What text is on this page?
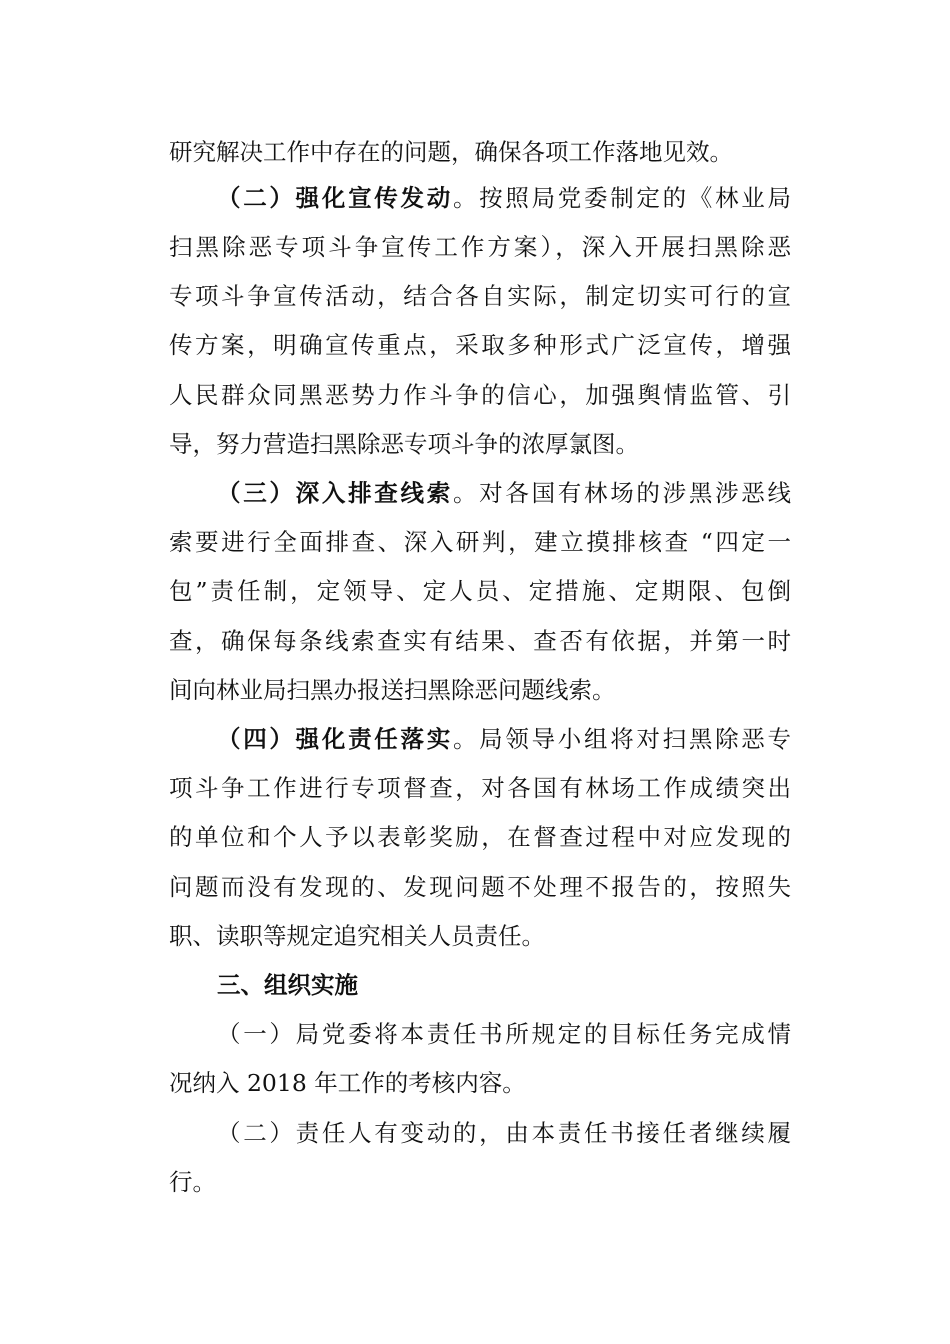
研究解决工作中存在的问题，确保各项工作落地见效。
（二）强化宣传发动。按照局党委制定的《林业局
扫黑除恶专项斗争宣传工作方案），深入开展扫黑除恶
专项斗争宣传活动，结合各自实际，制定切实可行的宣
传方案，明确宣传重点，采取多种形式广泛宣传，增强
人民群众同黑恶势力作斗争的信心，加强舆情监管、引
导，努力营造扫黑除恶专项斗争的浓厚氯图。
（三）深入排查线索。对各国有林场的涉黑涉恶线
索要进行全面排查、深入研判，建立摸排核查 “四定一
包”责任制，定领导、定人员、定措施、定期限、包倒
查，确保每条线索查实有结果、查否有依据，并第一时
间向林业局扫黑办报送扫黑除恶问题线索。
（四）强化责任落实。局领导小组将对扫黑除恶专
项斗争工作进行专项督查，对各国有林场工作成绩突出
的单位和个人予以表彰奖励，在督查过程中对应发现的
问题而没有发现的、发现问题不处理不报告的，按照失
职、读职等规定追究相关人员责任。
三、组织实施
（一）局党委将本责任书所规定的目标任务完成情
况纳入 2018 年工作的考核内容。
（二）责任人有变动的，由本责任书接任者继续履
行。
